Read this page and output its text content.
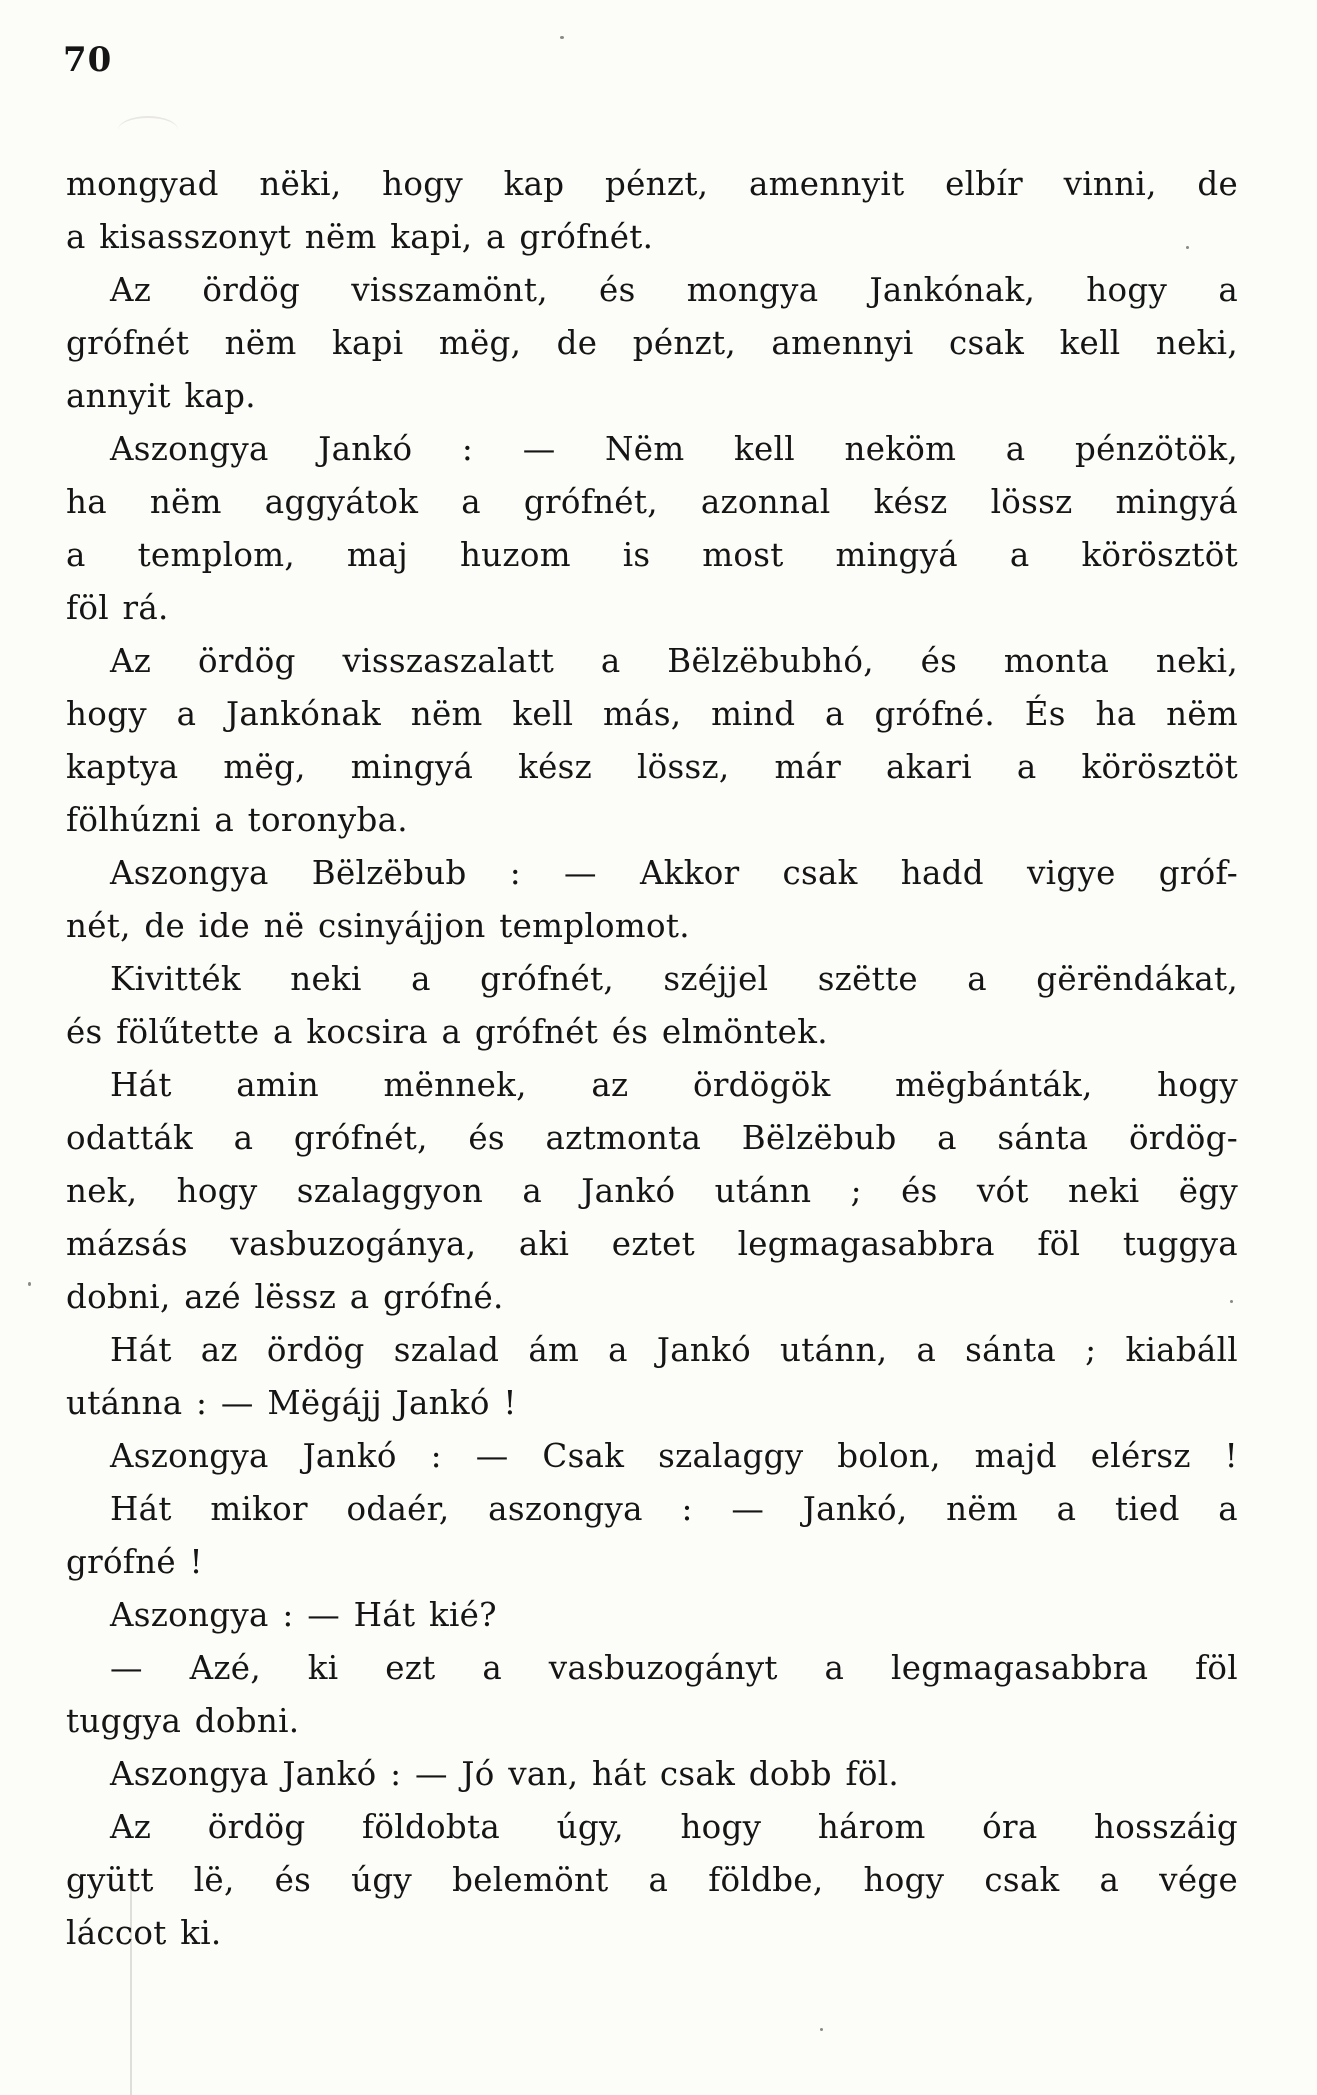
70
mongyad nëki, hogy kap pénzt, amennyit elbír vinni, de
a kisasszonyt nëm kapi, a grófnét.
Az ördög visszamönt, és mongya Jankónak, hogy a
grófnét nëm kapi mëg, de pénzt, amennyi csak kell neki,
annyit kap.
Aszongya Jankó : — Nëm kell neköm a pénzötök,
ha nëm aggyátok a grófnét, azonnal kész lössz mingyá
a templom, maj huzom is most mingyá a körösztöt
föl rá.
Az ördög visszaszalatt a Bëlzëbubhó, és monta neki,
hogy a Jankónak nëm kell más, mind a grófné. És ha nëm
kaptya mëg, mingyá kész lössz, már akari a körösztöt
fölhúzni a toronyba.
Aszongya Bëlzëbub : — Akkor csak hadd vigye gróf-
nét, de ide në csinyájjon templomot.
Kivitték neki a grófnét, széjjel szëtte a gërëndákat,
és fölűtette a kocsira a grófnét és elmöntek.
Hát amin mënnek, az ördögök mëgbánták, hogy
odatták a grófnét, és aztmonta Bëlzëbub a sánta ördög-
nek, hogy szalaggyon a Jankó utánn ; és vót neki ëgy
mázsás vasbuzogánya, aki eztet legmagasabbra föl tuggya
dobni, azé lëssz a grófné.
Hát az ördög szalad ám a Jankó utánn, a sánta ; kiabáll
utánna : — Mëgájj Jankó !
Aszongya Jankó : — Csak szalaggy bolon, majd elérsz !
Hát mikor odaér, aszongya : — Jankó, nëm a tied a
grófné !
Aszongya : — Hát kié?
— Azé, ki ezt a vasbuzogányt a legmagasabbra föl
tuggya dobni.
Aszongya Jankó : — Jó van, hát csak dobb föl.
Az ördög földobta úgy, hogy három óra hosszáig
gyütt lë, és úgy belemönt a földbe, hogy csak a vége
láccot ki.
